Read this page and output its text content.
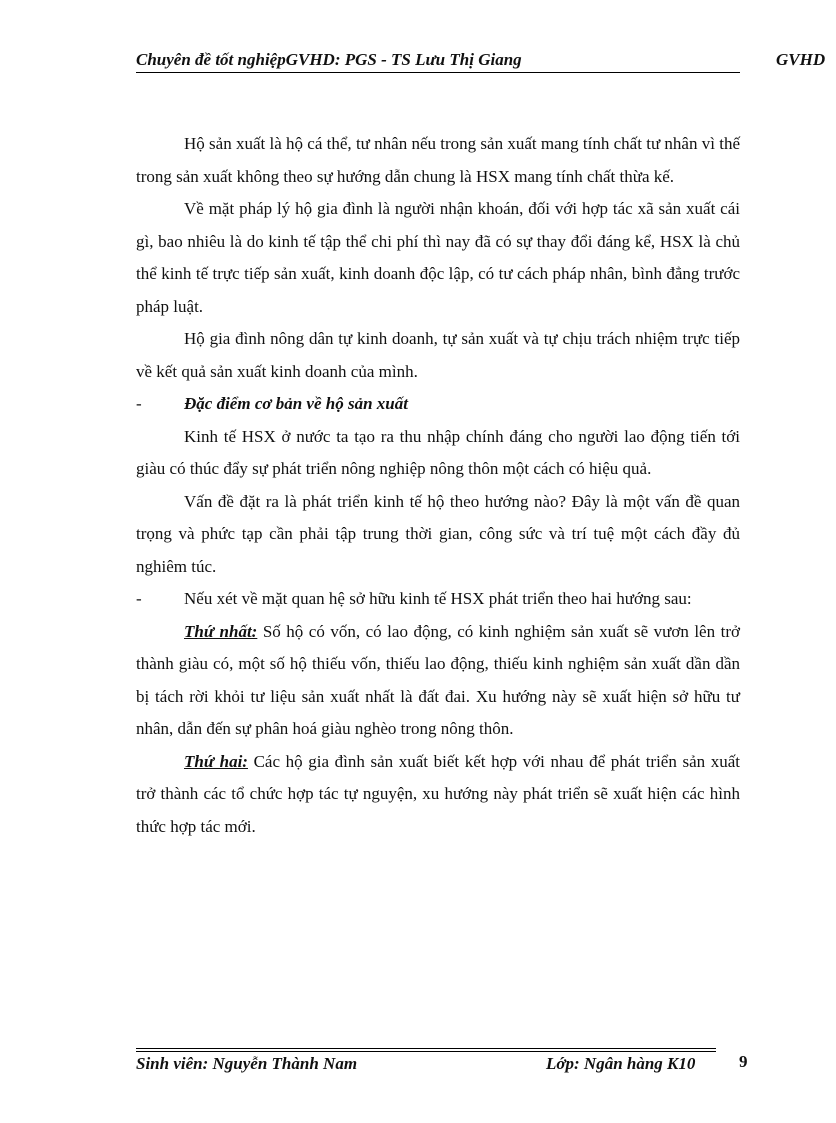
Chuyên đề tốt nghiệpGVHD: PGS - TS Lưu Thị Giang	GVHD

Hộ sản xuất là hộ cá thể, tư nhân nếu trong sản xuất mang tính chất tư nhân vì thế trong sản xuất không theo sự hướng dẫn chung là HSX mang tính chất thừa kế.

Về mặt pháp lý hộ gia đình là người nhận khoán, đối với hợp tác xã sản xuất cái gì, bao nhiêu là do kinh tế tập thể chi phí thì nay đã có sự thay đổi đáng kể, HSX là chủ thể kinh tế trực tiếp sản xuất, kinh doanh độc lập, có tư cách pháp nhân, bình đẳng trước pháp luật.

Hộ gia đình nông dân tự kinh doanh, tự sản xuất và tự chịu trách nhiệm trực tiếp về kết quả sản xuất kinh doanh của mình.

- Đặc điểm cơ bản về hộ sản xuất

Kinh tế HSX ở nước ta tạo ra thu nhập chính đáng cho người lao động tiến tới giàu có thúc đẩy sự phát triển nông nghiệp nông thôn một cách có hiệu quả.

Vấn đề đặt ra là phát triển kinh tế hộ theo hướng nào? Đây là một vấn đề quan trọng và phức tạp cần phải tập trung thời gian, công sức và trí tuệ một cách đầy đủ nghiêm túc.

- Nếu xét về mặt quan hệ sở hữu kinh tế HSX phát triển theo hai hướng sau:

Thứ nhất: Số hộ có vốn, có lao động, có kinh nghiệm sản xuất sẽ vươn lên trở thành giàu có, một số hộ thiếu vốn, thiếu lao động, thiếu kinh nghiệm sản xuất dần dần bị tách rời khỏi tư liệu sản xuất nhất là đất đai. Xu hướng này sẽ xuất hiện sở hữu tư nhân, dẫn đến sự phân hoá giàu nghèo trong nông thôn.

Thứ hai: Các hộ gia đình sản xuất biết kết hợp với nhau để phát triển sản xuất trở thành các tổ chức hợp tác tự nguyện, xu hướng này phát triển sẽ xuất hiện các hình thức hợp tác mới.

Sinh viên: Nguyễn Thành Nam	Lớp: Ngân hàng K10	9
